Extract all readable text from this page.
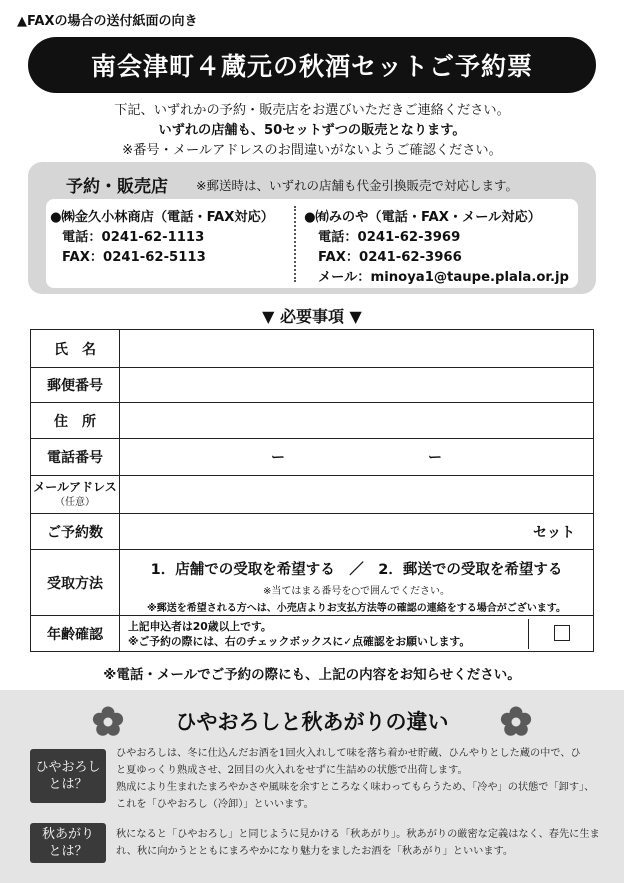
▲FAXの場合の送付紙面の向き
南会津町４蔵元の秋酒セットご予約票
下記、いずれかの予約・販売店をお選びいただきご連絡ください。
いずれの店舗も、50セットずつの販売となります。
※番号・メールアドレスのお間違いがないようご確認ください。
予約・販売店 ※郵送時は、いずれの店舗も代金引換販売で対応します。
●㈱金久小林商店（電話・FAX対応）
電話：0241-62-1113
FAX：0241-62-5113
●㈲みのや（電話・FAX・メール対応）
電話：0241-62-3969
FAX：0241-62-3966
メール：minoya1@taupe.plala.or.jp
▼ 必要事項 ▼
氏　名	
郵便番号	
住　所	
電話番号	ー ー

メールアドレス
（任意）	

ご予約数	セット

受取方法	1．店舗での受取を希望する　／　2．郵送での受取を希望する
※当てはまる番号を○で囲んでください。
※郵送を希望される方へは、小売店よりお支払方法等の確認の連絡をする場合がございます。

年齢確認	上記申込者は20歳以上です。
※ご予約の際には、右のチェックボックスに✓点確認をお願いします。
※電話・メールでご予約の際にも、上記の内容をお知らせください。
ひやおろしと秋あがりの違い
ひやおろし
とは？
ひやおろしは、冬に仕込んだお酒を1回火入れして味を落ち着かせ貯蔵、ひんやりとした蔵の中で、ひ
と夏ゆっくり熟成させ、2回目の火入れをせずに生詰めの状態で出荷します。
熟成により生まれたまろやかさや風味を余すところなく味わってもらうため、「冷や」の状態で「卸す」、
これを「ひやおろし（冷卸）」といいます。
秋あがり
とは？
秋になると「ひやおろし」と同じように見かける「秋あがり」。秋あがりの厳密な定義はなく、春先に生ま
れ、秋に向かうとともにまろやかになり魅力をましたお酒を「秋あがり」といいます。
